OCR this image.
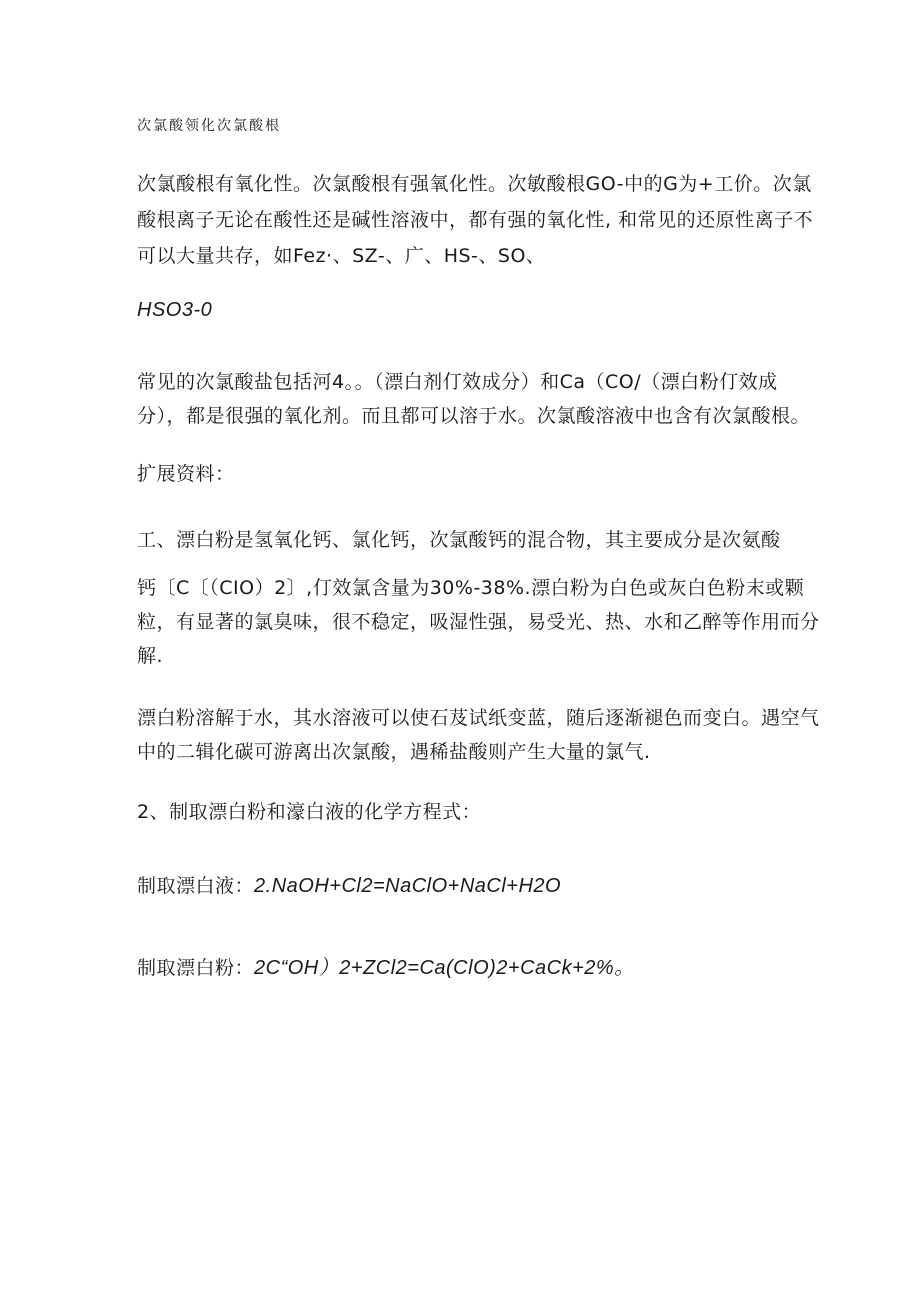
次氯酸领化次氯酸根
次氯酸根有氧化性。次氯酸根有强氧化性。次敏酸根GO-中的G为+工价。次氯
酸根离子无论在酸性还是碱性溶液中，都有强的氧化性, 和常见的还原性离子不
可以大量共存，如Fez·、SZ-、广、HS-、SO、
HSO3-0
常见的次氯酸盐包括河4。。（漂白剂仃效成分）和Ca（CO/（漂白粉仃效成
分），都是很强的氧化剂。而且都可以溶于水。次氯酸溶液中也含有次氯酸根。
扩展资料：
工、漂白粉是氢氧化钙、氯化钙，次氯酸钙的混合物，其主要成分是次氨酸
钙〔C〔（CIO）2〕,仃效氯含量为30%-38%.漂白粉为白色或灰白色粉末或颗
粒，有显著的氯臭味，很不稳定，吸湿性强，易受光、热、水和乙醉等作用而分
解.
漂白粉溶解于水，其水溶液可以使石芨试纸变蓝，随后逐渐褪色而变白。遇空气
中的二辑化碳可游离出次氯酸，遇稀盐酸则产生大量的氯气.
2、制取漂白粉和濠白液的化学方程式：
制取漂白液：2.NaOH+Cl2=NaClO+NaCl+H2O
制取漂白粉：2C“OH）2+ZCl2=Ca(ClO)2+CaCk+2%。
